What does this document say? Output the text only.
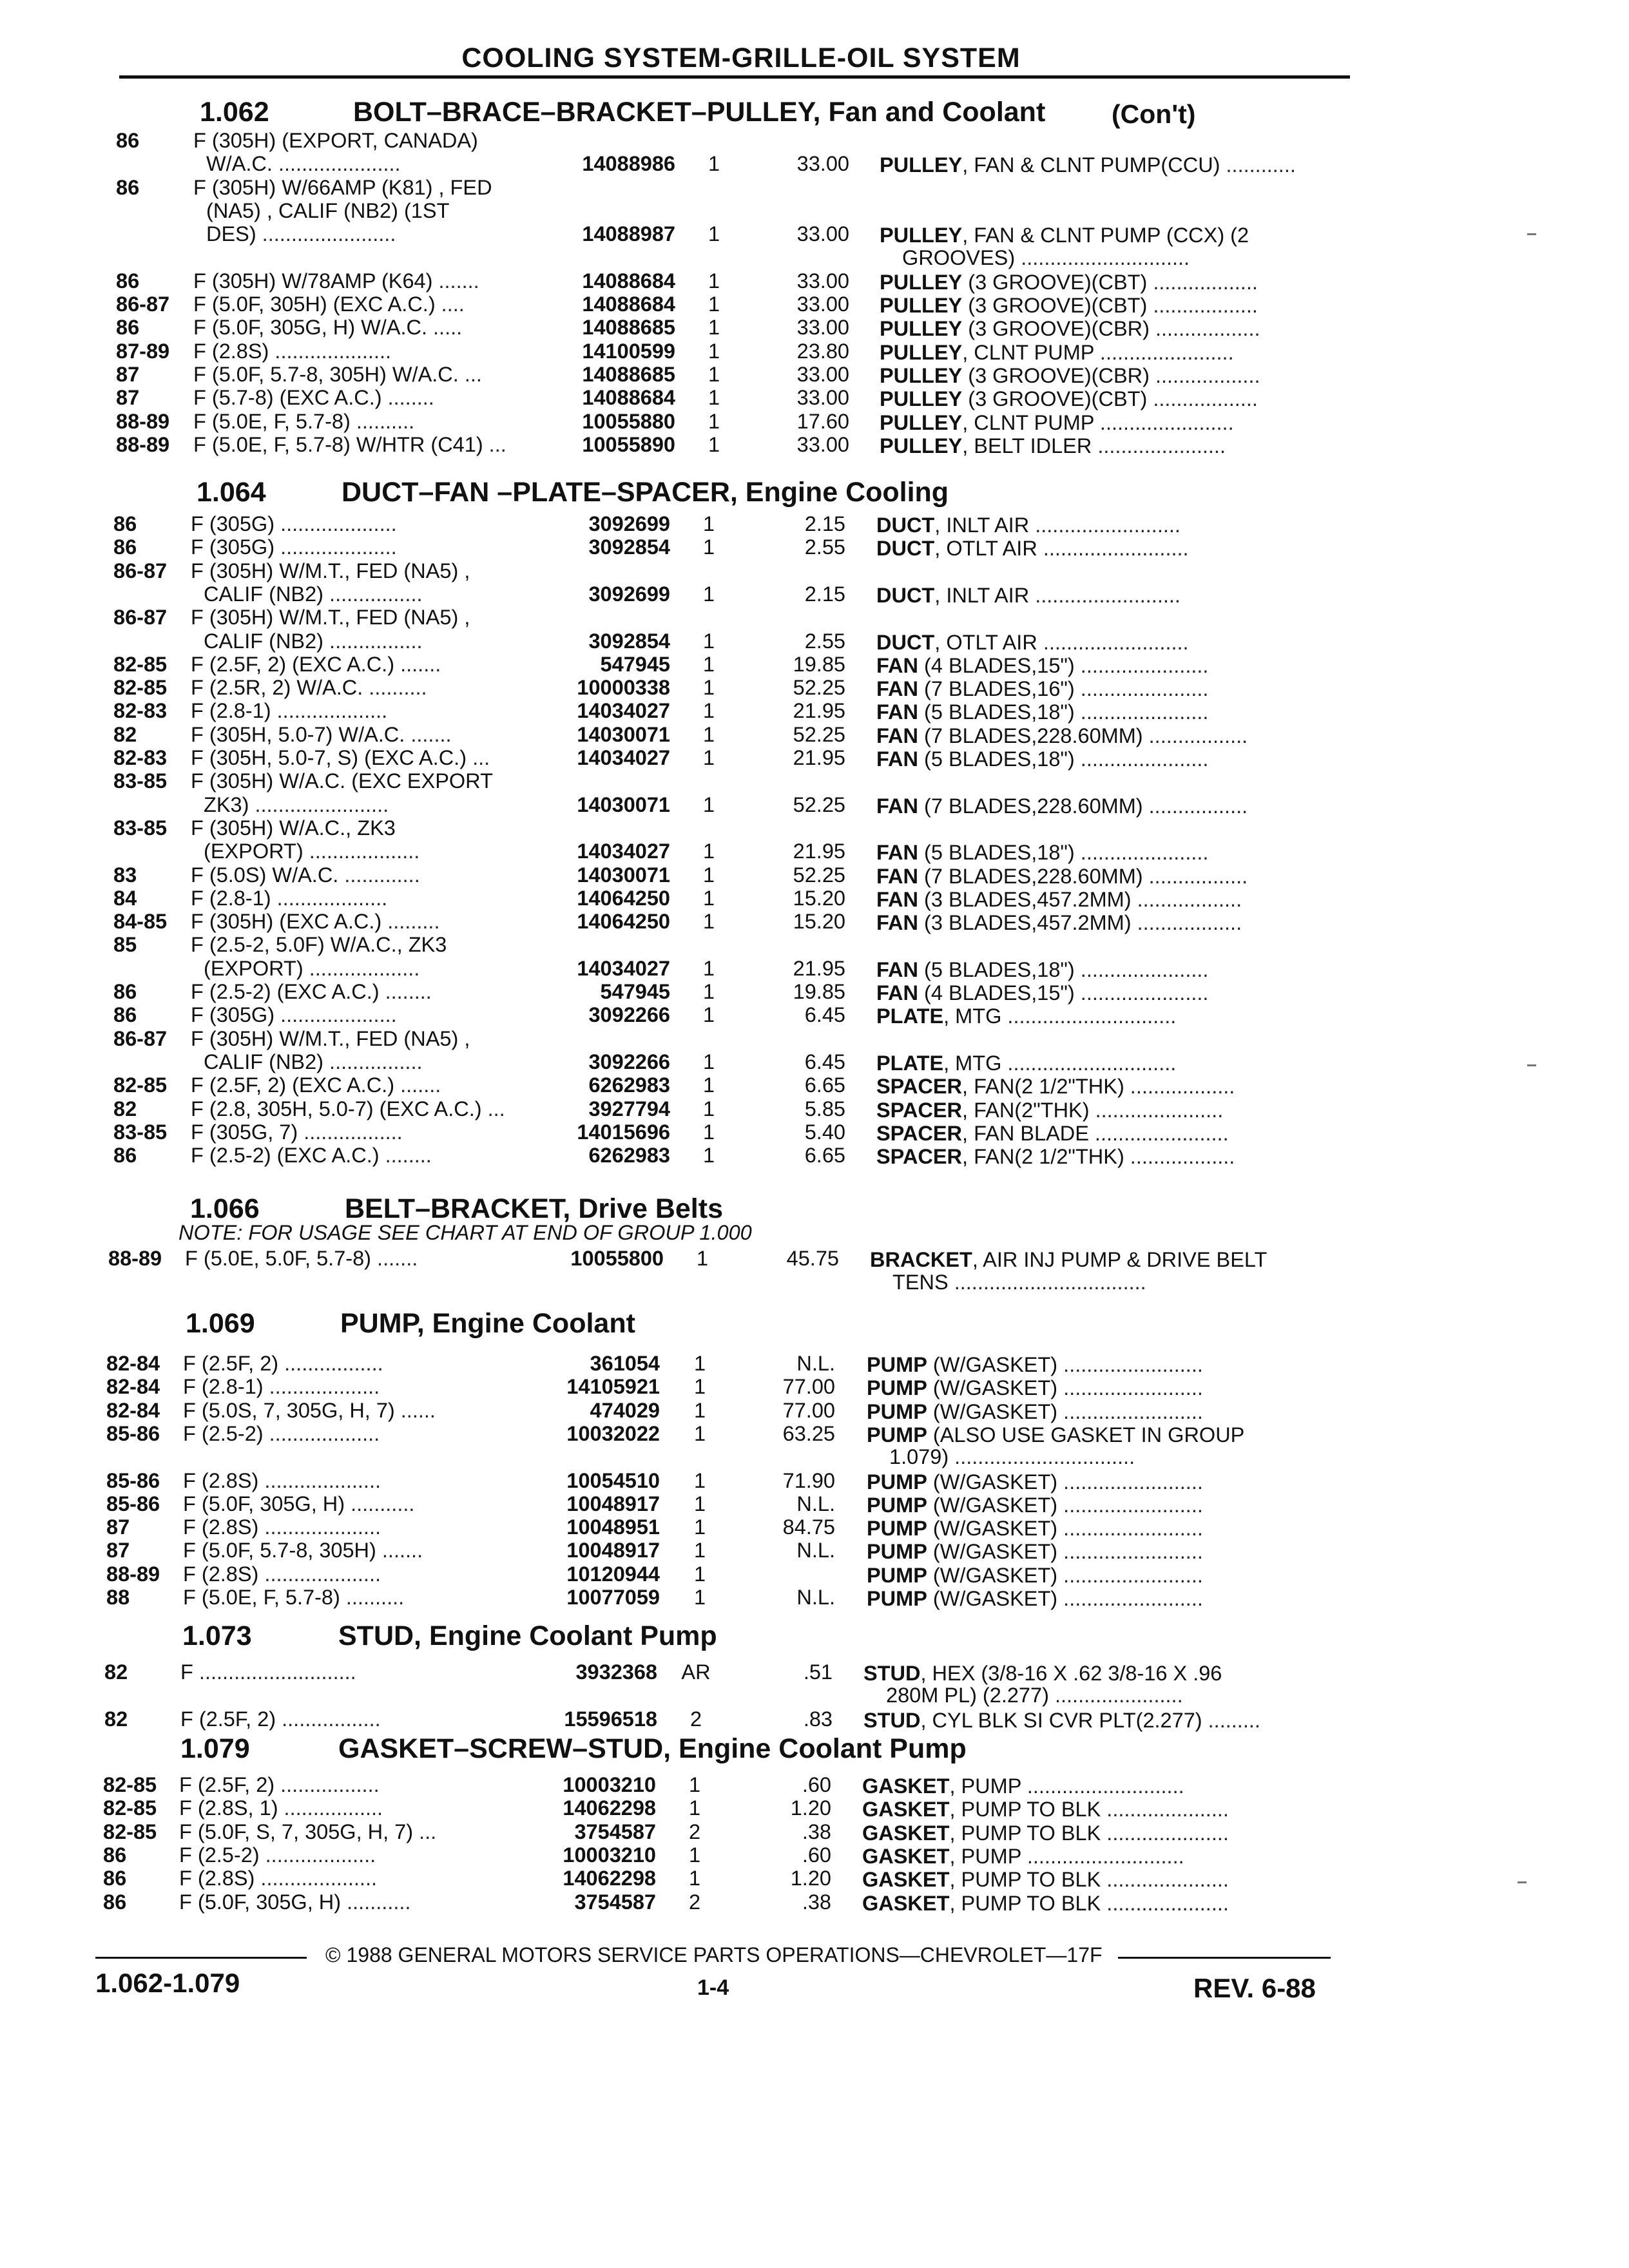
COOLING SYSTEM-GRILLE-OIL SYSTEM
1.062	BOLT–BRACE–BRACKET–PULLEY, Fan and Coolant	(Con't)
86	F (305H) (EXPORT, CANADA)
W/A.C. .....................	14088986	1	33.00 PULLEY, FAN & CLNT PUMP(CCU) ............
86	F (305H) W/66AMP (K81) , FED
(NA5) , CALIF (NB2) (1ST
DES) .......................	14088987	1	33.00 PULLEY, FAN & CLNT PUMP (CCX) (2
GROOVES) .............................
86	F (305H) W/78AMP (K64) .......	14088684	1	33.00 PULLEY (3 GROOVE)(CBT) ..................
86-87 F (5.0F, 305H) (EXC A.C.) ....	14088684	1	33.00 PULLEY (3 GROOVE)(CBT) ..................
86	F (5.0F, 305G, H) W/A.C. .....	14088685	1	33.00 PULLEY (3 GROOVE)(CBR) ..................
87-89 F (2.8S) ....................	14100599	1	23.80 PULLEY, CLNT PUMP .......................
87	F (5.0F, 5.7-8, 305H) W/A.C. ...	14088685	1	33.00 PULLEY (3 GROOVE)(CBR) ..................
87	F (5.7-8) (EXC A.C.) ........	14088684	1	33.00 PULLEY (3 GROOVE)(CBT) ..................
88-89 F (5.0E, F, 5.7-8) ..........	10055880	1	17.60 PULLEY, CLNT PUMP .......................
88-89 F (5.0E, F, 5.7-8) W/HTR (C41) ...	10055890	1	33.00 PULLEY, BELT IDLER ......................
1.064	DUCT–FAN –PLATE–SPACER, Engine Cooling
86	F (305G) ....................	3092699	1	2.15 DUCT, INLT AIR .........................
86	F (305G) ....................	3092854	1	2.55 DUCT, OTLT AIR .........................
86-87 F (305H) W/M.T., FED (NA5) ,
CALIF (NB2) ................	3092699	1	2.15 DUCT, INLT AIR .........................
86-87 F (305H) W/M.T., FED (NA5) ,
CALIF (NB2) ................	3092854	1	2.55 DUCT, OTLT AIR .........................
82-85 F (2.5F, 2) (EXC A.C.) .......	547945	1	19.85 FAN (4 BLADES,15") ......................
82-85 F (2.5R, 2) W/A.C. ..........	10000338	1	52.25 FAN (7 BLADES,16") ......................
82-83 F (2.8-1) ...................	14034027	1	21.95 FAN (5 BLADES,18") ......................
82	F (305H, 5.0-7) W/A.C. .......	14030071	1	52.25 FAN (7 BLADES,228.60MM) .................
82-83 F (305H, 5.0-7, S) (EXC A.C.) ...	14034027	1	21.95 FAN (5 BLADES,18") ......................
83-85 F (305H) W/A.C. (EXC EXPORT
ZK3) .......................	14030071	1	52.25 FAN (7 BLADES,228.60MM) .................
83-85 F (305H) W/A.C., ZK3
(EXPORT) ...................	14034027	1	21.95 FAN (5 BLADES,18") ......................
83	F (5.0S) W/A.C. .............	14030071	1	52.25 FAN (7 BLADES,228.60MM) .................
84	F (2.8-1) ...................	14064250	1	15.20 FAN (3 BLADES,457.2MM) ..................
84-85 F (305H) (EXC A.C.) .........	14064250	1	15.20 FAN (3 BLADES,457.2MM) ..................
85	F (2.5-2, 5.0F) W/A.C., ZK3
(EXPORT) ...................	14034027	1	21.95 FAN (5 BLADES,18") ......................
86	F (2.5-2) (EXC A.C.) ........	547945	1	19.85 FAN (4 BLADES,15") ......................
86	F (305G) ....................	3092266	1	6.45 PLATE, MTG .............................
86-87 F (305H) W/M.T., FED (NA5) ,
CALIF (NB2) ................	3092266	1	6.45 PLATE, MTG .............................
82-85 F (2.5F, 2) (EXC A.C.) .......	6262983	1	6.65 SPACER, FAN(2 1/2"THK) ..................
82	F (2.8, 305H, 5.0-7) (EXC A.C.) ...	3927794	1	5.85 SPACER, FAN(2"THK) ......................
83-85 F (305G, 7) .................	14015696	1	5.40 SPACER, FAN BLADE .......................
86	F (2.5-2) (EXC A.C.) ........	6262983	1	6.65 SPACER, FAN(2 1/2"THK) ..................
1.066	BELT–BRACKET, Drive Belts
NOTE: FOR USAGE SEE CHART AT END OF GROUP 1.000
88-89 F (5.0E, 5.0F, 5.7-8) .......	10055800	1	45.75 BRACKET, AIR INJ PUMP & DRIVE BELT
TENS .................................
1.069	PUMP, Engine Coolant
82-84 F (2.5F, 2) .................	361054	1	N.L. PUMP (W/GASKET) ........................
82-84 F (2.8-1) ...................	14105921	1	77.00 PUMP (W/GASKET) ........................
82-84 F (5.0S, 7, 305G, H, 7) ......	474029	1	77.00 PUMP (W/GASKET) ........................
85-86 F (2.5-2) ...................	10032022	1	63.25 PUMP (ALSO USE GASKET IN GROUP
1.079) ...............................
85-86 F (2.8S) ....................	10054510	1	71.90 PUMP (W/GASKET) ........................
85-86 F (5.0F, 305G, H) ...........	10048917	1	N.L. PUMP (W/GASKET) ........................
87	F (2.8S) ....................	10048951	1	84.75 PUMP (W/GASKET) ........................
87	F (5.0F, 5.7-8, 305H) .......	10048917	1	N.L. PUMP (W/GASKET) ........................
88-89 F (2.8S) ....................	10120944	1	PUMP (W/GASKET) ........................
88	F (5.0E, F, 5.7-8) ..........	10077059	1	N.L. PUMP (W/GASKET) ........................
1.073	STUD, Engine Coolant Pump
82	F ...........................	3932368 AR	.51 STUD, HEX (3/8-16 X .62 3/8-16 X .96
280M PL) (2.277) ......................
82	F (2.5F, 2) .................	15596518	2	.83 STUD, CYL BLK SI CVR PLT(2.277) .........
1.079	GASKET–SCREW–STUD, Engine Coolant Pump
82-85 F (2.5F, 2) .................	10003210	1	.60 GASKET, PUMP ...........................
82-85 F (2.8S, 1) .................	14062298	1	1.20 GASKET, PUMP TO BLK .....................
82-85 F (5.0F, S, 7, 305G, H, 7) ...	3754587	2	.38 GASKET, PUMP TO BLK .....................
86	F (2.5-2) ...................	10003210	1	.60 GASKET, PUMP ...........................
86	F (2.8S) ....................	14062298	1	1.20 GASKET, PUMP TO BLK .....................
86	F (5.0F, 305G, H) ...........	3754587	2	.38 GASKET, PUMP TO BLK .....................
© 1988 GENERAL MOTORS SERVICE PARTS OPERATIONS—CHEVROLET—17F
1.062-1.079	1-4	REV. 6-88
